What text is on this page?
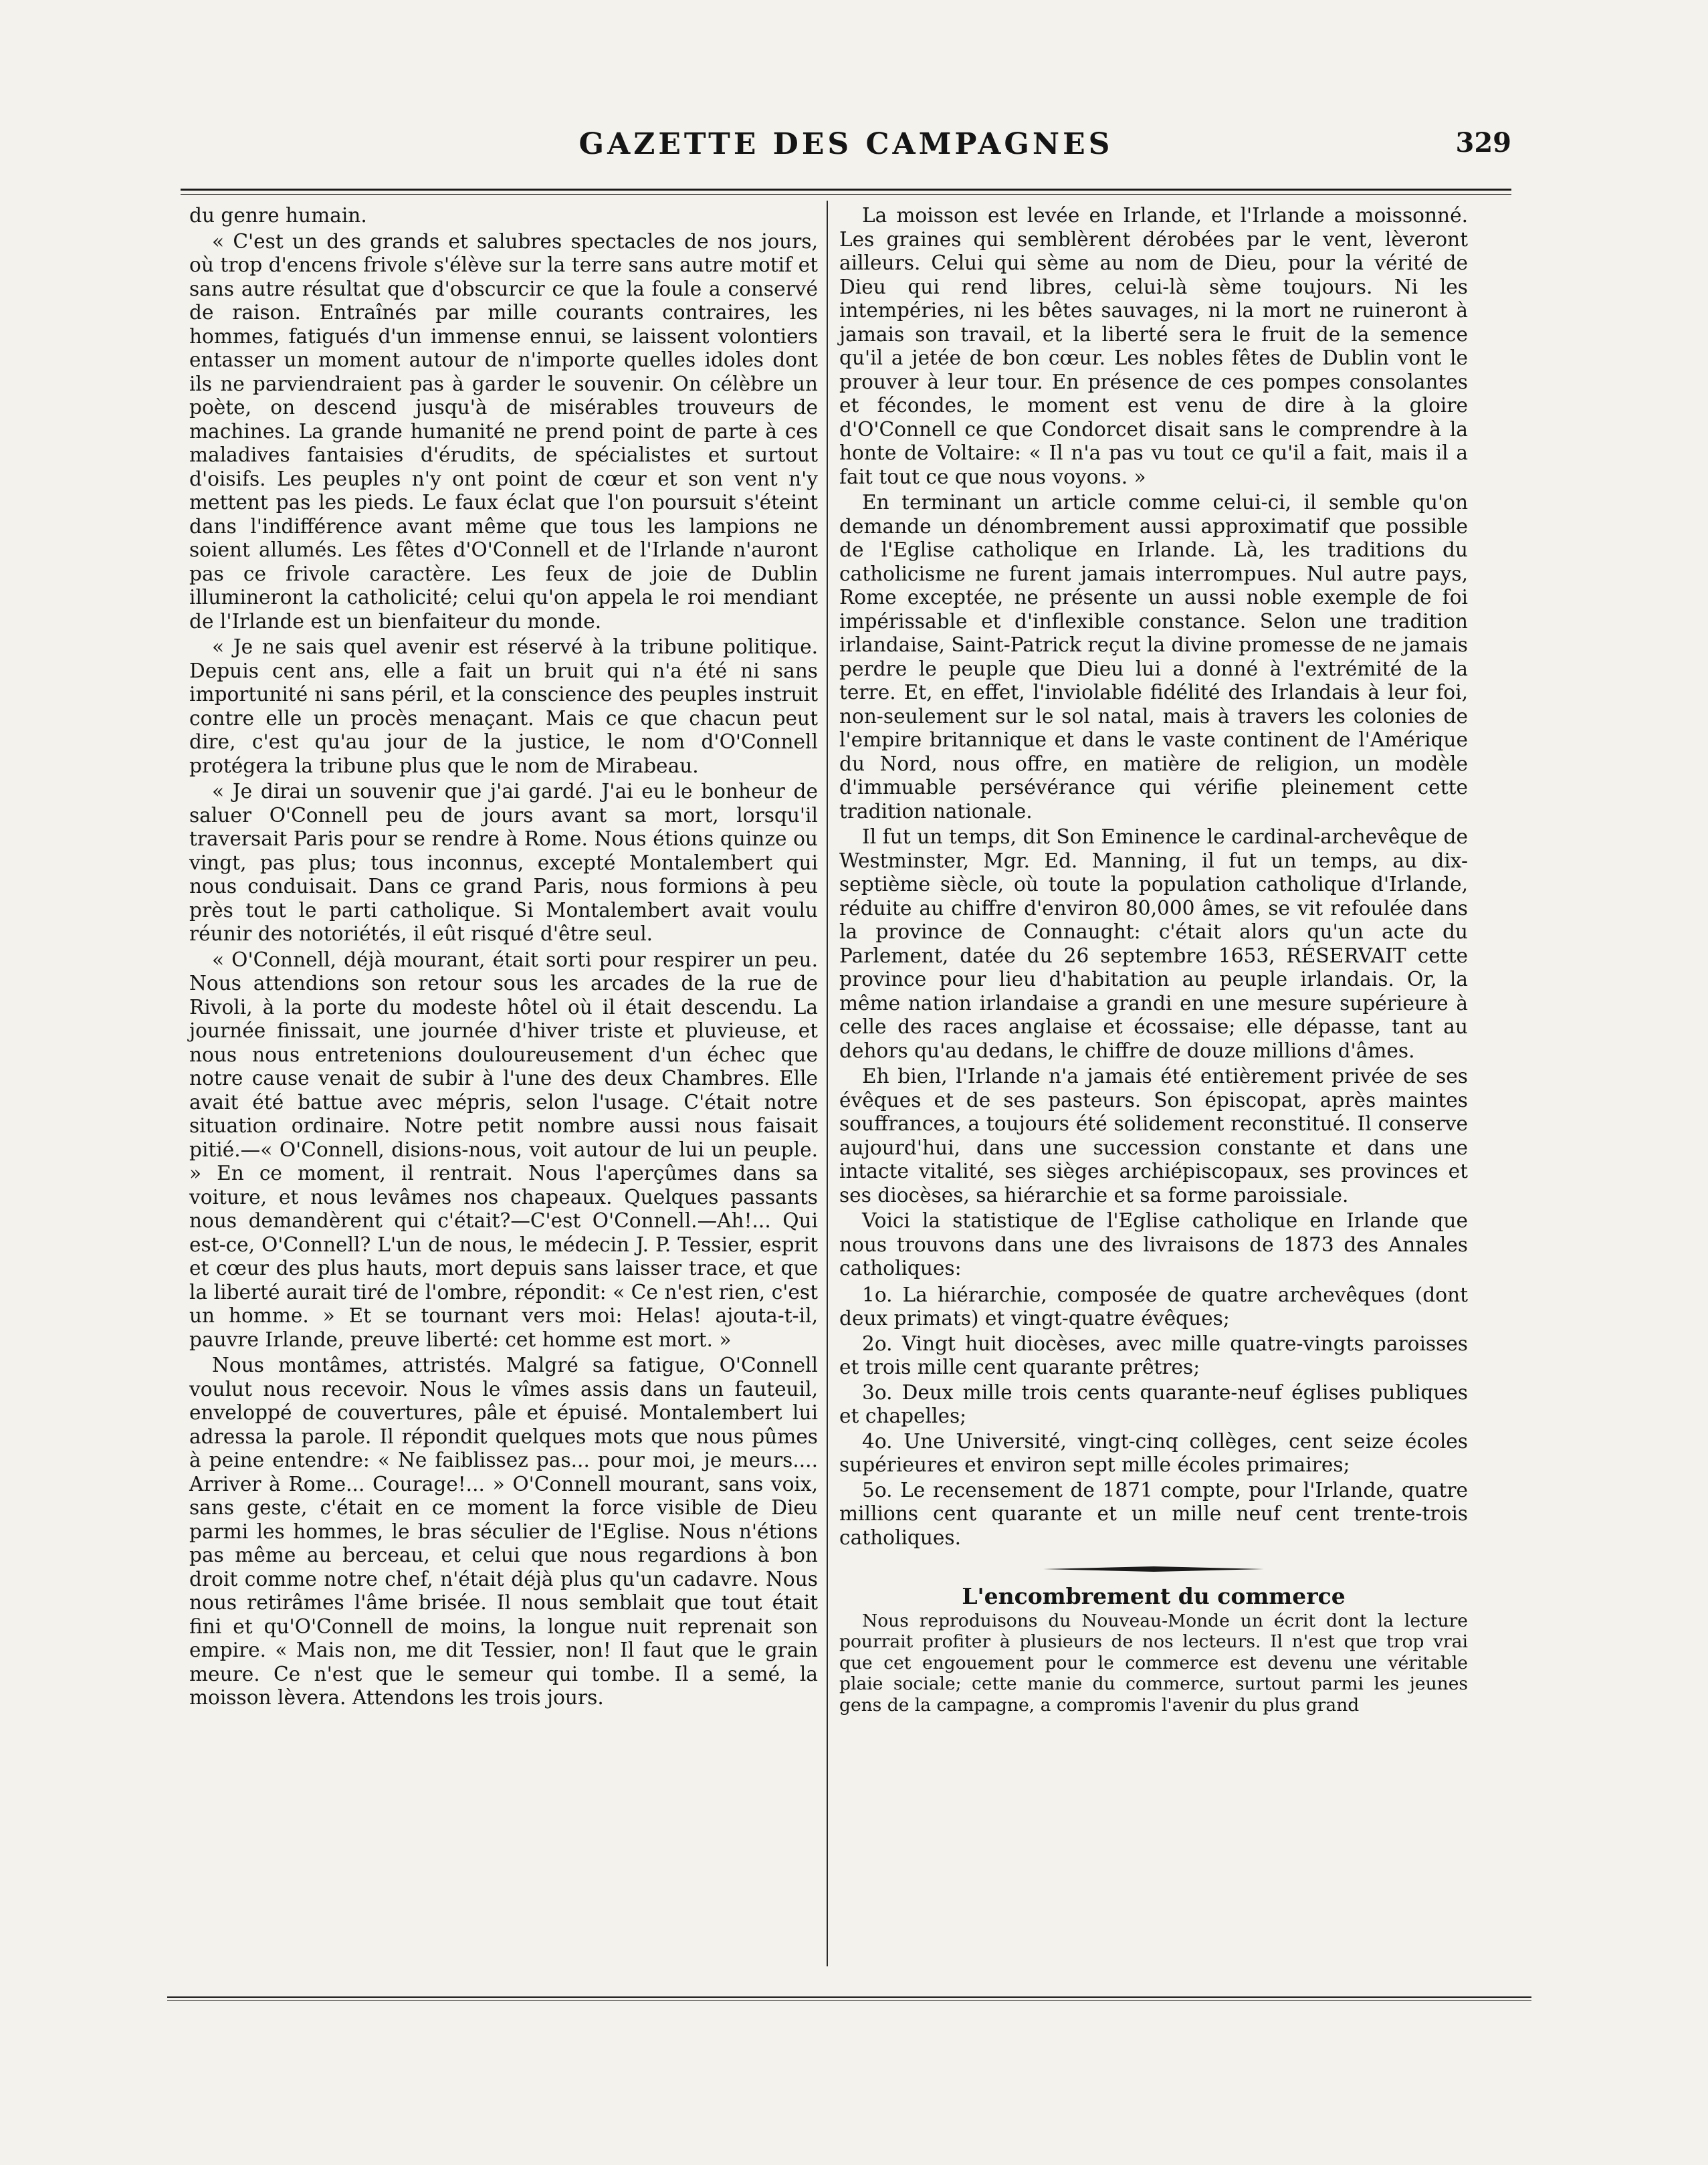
GAZETTE DES CAMPAGNES	329

du genre humain.

« C'est un des grands et salubres spectacles de nos jours, où trop d'encens frivole s'élève sur la terre sans autre motif et sans autre résultat que d'obscurcir ce que la foule a conservé de raison. Entraînés par mille courants contraires, les hommes, fatigués d'un immense ennui, se laissent volontiers entasser un moment autour de n'importe quelles idoles dont ils ne parviendraient pas à garder le souvenir. On célèbre un poète, on descend jusqu'à de misérables trouveurs de machines. La grande humanité ne prend point de parte à ces maladives fantaisies d'érudits, de spécialistes et surtout d'oisifs. Les peuples n'y ont point de cœur et son vent n'y mettent pas les pieds. Le faux éclat que l'on poursuit s'éteint dans l'indifférence avant même que tous les lampions ne soient allumés. Les fêtes d'O'Connell et de l'Irlande n'auront pas ce frivole caractère. Les feux de joie de Dublin illumineront la catholicité; celui qu'on appela le roi mendiant de l'Irlande est un bienfaiteur du monde.

« Je ne sais quel avenir est réservé à la tribune politique. Depuis cent ans, elle a fait un bruit qui n'a été ni sans importunité ni sans péril, et la conscience des peuples instruit contre elle un procès menaçant. Mais ce que chacun peut dire, c'est qu'au jour de la justice, le nom d'O'Connell protégera la tribune plus que le nom de Mirabeau.

« Je dirai un souvenir que j'ai gardé. J'ai eu le bonheur de saluer O'Connell peu de jours avant sa mort, lorsqu'il traversait Paris pour se rendre à Rome. Nous étions quinze ou vingt, pas plus; tous inconnus, excepté Montalembert qui nous conduisait. Dans ce grand Paris, nous formions à peu près tout le parti catholique. Si Montalembert avait voulu réunir des notoriétés, il eût risqué d'être seul.

« O'Connell, déjà mourant, était sorti pour respirer un peu. Nous attendions son retour sous les arcades de la rue de Rivoli, à la porte du modeste hôtel où il était descendu. La journée finissait, une journée d'hiver triste et pluvieuse, et nous nous entretenions douloureusement d'un échec que notre cause venait de subir à l'une des deux Chambres. Elle avait été battue avec mépris, selon l'usage. C'était notre situation ordinaire. Notre petit nombre aussi nous faisait pitié.—« O'Connell, disions-nous, voit autour de lui un peuple. » En ce moment, il rentrait. Nous l'aperçûmes dans sa voiture, et nous levâmes nos chapeaux. Quelques passants nous demandèrent qui c'était?—C'est O'Connell.—Ah!... Qui est-ce, O'Connell? L'un de nous, le médecin J. P. Tessier, esprit et cœur des plus hauts, mort depuis sans laisser trace, et que la liberté aurait tiré de l'ombre, répondit: « Ce n'est rien, c'est un homme. » Et se tournant vers moi: Helas! ajouta-t-il, pauvre Irlande, preuve liberté: cet homme est mort. »

Nous montâmes, attristés. Malgré sa fatigue, O'Connell voulut nous recevoir. Nous le vîmes assis dans un fauteuil, enveloppé de couvertures, pâle et épuisé. Montalembert lui adressa la parole. Il répondit quelques mots que nous pûmes à peine entendre: « Ne faiblissez pas... pour moi, je meurs.... Arriver à Rome... Courage!... » O'Connell mourant, sans voix, sans geste, c'était en ce moment la force visible de Dieu parmi les hommes, le bras séculier de l'Eglise. Nous n'étions pas même au berceau, et celui que nous regardions à bon droit comme notre chef, n'était déjà plus qu'un cadavre. Nous nous retirâmes l'âme brisée. Il nous semblait que tout était fini et qu'O'Connell de moins, la longue nuit reprenait son empire. « Mais non, me dit Tessier, non! Il faut que le grain meure. Ce n'est que le semeur qui tombe. Il a semé, la moisson lèvera. Attendons les trois jours.

La moisson est levée en Irlande, et l'Irlande a moissonné. Les graines qui semblèrent dérobées par le vent, lèveront ailleurs. Celui qui sème au nom de Dieu, pour la vérité de Dieu qui rend libres, celui-là sème toujours. Ni les intempéries, ni les bêtes sauvages, ni la mort ne ruineront à jamais son travail, et la liberté sera le fruit de la semence qu'il a jetée de bon cœur. Les nobles fêtes de Dublin vont le prouver à leur tour. En présence de ces pompes consolantes et fécondes, le moment est venu de dire à la gloire d'O'Connell ce que Condorcet disait sans le comprendre à la honte de Voltaire: « Il n'a pas vu tout ce qu'il a fait, mais il a fait tout ce que nous voyons. »

En terminant un article comme celui-ci, il semble qu'on demande un dénombrement aussi approximatif que possible de l'Eglise catholique en Irlande. Là, les traditions du catholicisme ne furent jamais interrompues. Nul autre pays, Rome exceptée, ne présente un aussi noble exemple de foi impérissable et d'inflexible constance. Selon une tradition irlandaise, Saint-Patrick reçut la divine promesse de ne jamais perdre le peuple que Dieu lui a donné à l'extrémité de la terre. Et, en effet, l'inviolable fidélité des Irlandais à leur foi, non-seulement sur le sol natal, mais à travers les colonies de l'empire britannique et dans le vaste continent de l'Amérique du Nord, nous offre, en matière de religion, un modèle d'immuable persévérance qui vérifie pleinement cette tradition nationale.

Il fut un temps, dit Son Eminence le cardinal-archevêque de Westminster, Mgr. Ed. Manning, il fut un temps, au dix-septième siècle, où toute la population catholique d'Irlande, réduite au chiffre d'environ 80,000 âmes, se vit refoulée dans la province de Connaught: c'était alors qu'un acte du Parlement, datée du 26 septembre 1653, RÉSERVAIT cette province pour lieu d'habitation au peuple irlandais. Or, la même nation irlandaise a grandi en une mesure supérieure à celle des races anglaise et écossaise; elle dépasse, tant au dehors qu'au dedans, le chiffre de douze millions d'âmes.

Eh bien, l'Irlande n'a jamais été entièrement privée de ses évêques et de ses pasteurs. Son épiscopat, après maintes souffrances, a toujours été solidement reconstitué. Il conserve aujourd'hui, dans une succession constante et dans une intacte vitalité, ses sièges archiépiscopaux, ses provinces et ses diocèses, sa hiérarchie et sa forme paroissiale.

Voici la statistique de l'Eglise catholique en Irlande que nous trouvons dans une des livraisons de 1873 des Annales catholiques:

1o. La hiérarchie, composée de quatre archevêques (dont deux primats) et vingt-quatre évêques;
2o. Vingt huit diocèses, avec mille quatre-vingts paroisses et trois mille cent quarante prêtres;
3o. Deux mille trois cents quarante-neuf églises publiques et chapelles;
4o. Une Université, vingt-cinq collèges, cent seize écoles supérieures et environ sept mille écoles primaires;
5o. Le recensement de 1871 compte, pour l'Irlande, quatre millions cent quarante et un mille neuf cent trente-trois catholiques.

L'encombrement du commerce

Nous reproduisons du Nouveau-Monde un écrit dont la lecture pourrait profiter à plusieurs de nos lecteurs. Il n'est que trop vrai que cet engouement pour le commerce est devenu une véritable plaie sociale; cette manie du commerce, surtout parmi les jeunes gens de la campagne, a compromis l'avenir du plus grand
